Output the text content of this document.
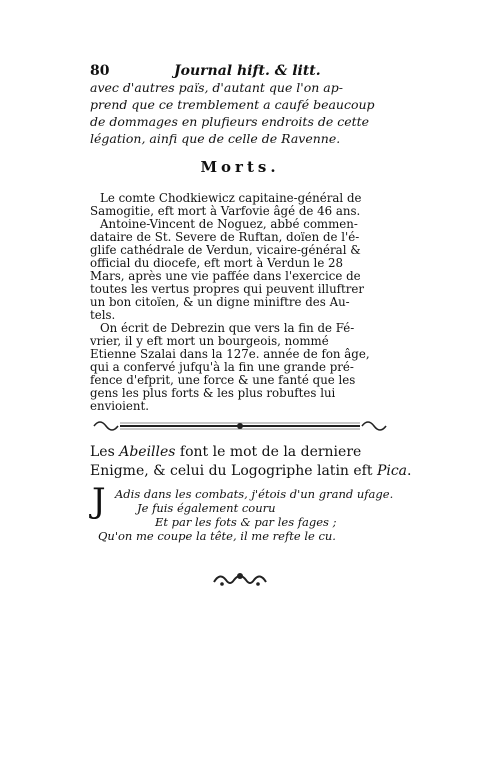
80	Journal hift. & litt.
avec d'autres païs, d'autant que l'on ap-
prend que ce tremblement a caufé beaucoup
de dommages en plufieurs endroits de cette
légation, ainfi que de celle de Ravenne.
Morts.
Le comte Chodkiewicz capitaine-général de
Samogitie, eft mort à Varfovie âgé de 46 ans.
Antoine-Vincent de Noguez, abbé commen-
dataire de St. Severe de Ruftan, doïen de l'é-
glife cathédrale de Verdun, vicaire-général &
official du diocefe, eft mort à Verdun le 28
Mars, après une vie paffée dans l'exercice de
toutes les vertus propres qui peuvent illuftrer
un bon citoïen, & un digne miniftre des Au-
tels.
On écrit de Debrezin que vers la fin de Fé-
vrier, il y eft mort un bourgeois, nommé
Etienne Szalai dans la 127e. année de fon âge,
qui a confervé jufqu'à la fin une grande pré-
fence d'efprit, une force & une fanté que les
gens les plus forts & les plus robuftes lui
envioient.
Les Abeilles font le mot de la derniere
Enigme, & celui du Logogriphe latin eft Pica.
J Adis dans les combats, j'étois d'un grand ufage.
Je fuis également couru
Et par les fots & par les fages ;
Qu'on me coupe la tête, il me refte le cu.
